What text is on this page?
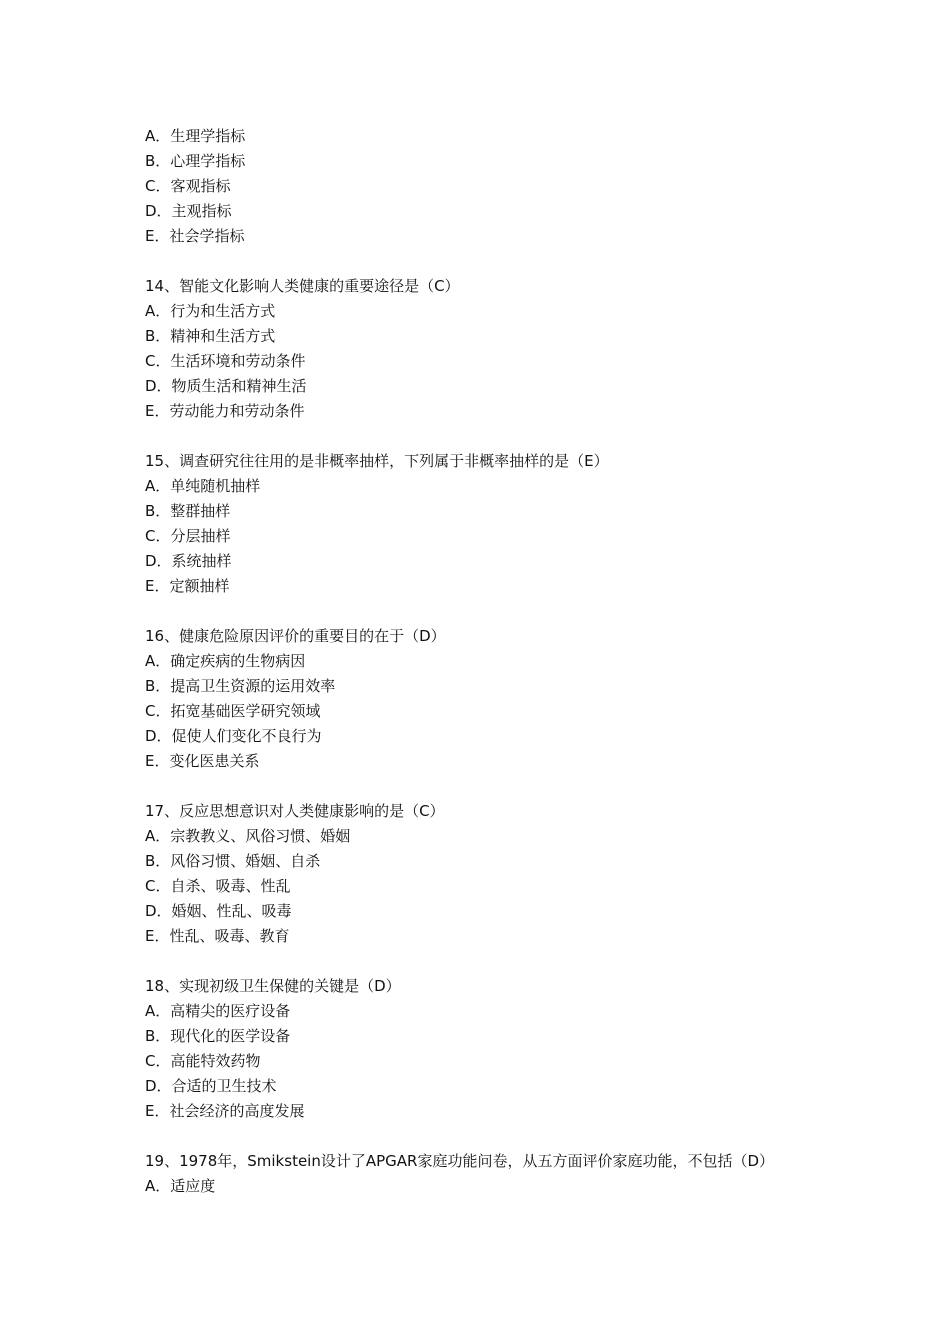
A．生理学指标
B．心理学指标
C．客观指标
D．主观指标
E．社会学指标
14、智能文化影响人类健康的重要途径是（C）
A．行为和生活方式
B．精神和生活方式
C．生活环境和劳动条件
D．物质生活和精神生活
E．劳动能力和劳动条件
15、调查研究往往用的是非概率抽样，下列属于非概率抽样的是（E）
A．单纯随机抽样
B．整群抽样
C．分层抽样
D．系统抽样
E．定额抽样
16、健康危险原因评价的重要目的在于（D）
A．确定疾病的生物病因
B．提高卫生资源的运用效率
C．拓宽基础医学研究领域
D．促使人们变化不良行为
E．变化医患关系
17、反应思想意识对人类健康影响的是（C）
A．宗教教义、风俗习惯、婚姻
B．风俗习惯、婚姻、自杀
C．自杀、吸毒、性乱
D．婚姻、性乱、吸毒
E．性乱、吸毒、教育
18、实现初级卫生保健的关键是（D）
A．高精尖的医疗设备
B．现代化的医学设备
C．高能特效药物
D．合适的卫生技术
E．社会经济的高度发展
19、1978年，Smikstein设计了APGAR家庭功能问卷，从五方面评价家庭功能，不包括（D）
A．适应度
